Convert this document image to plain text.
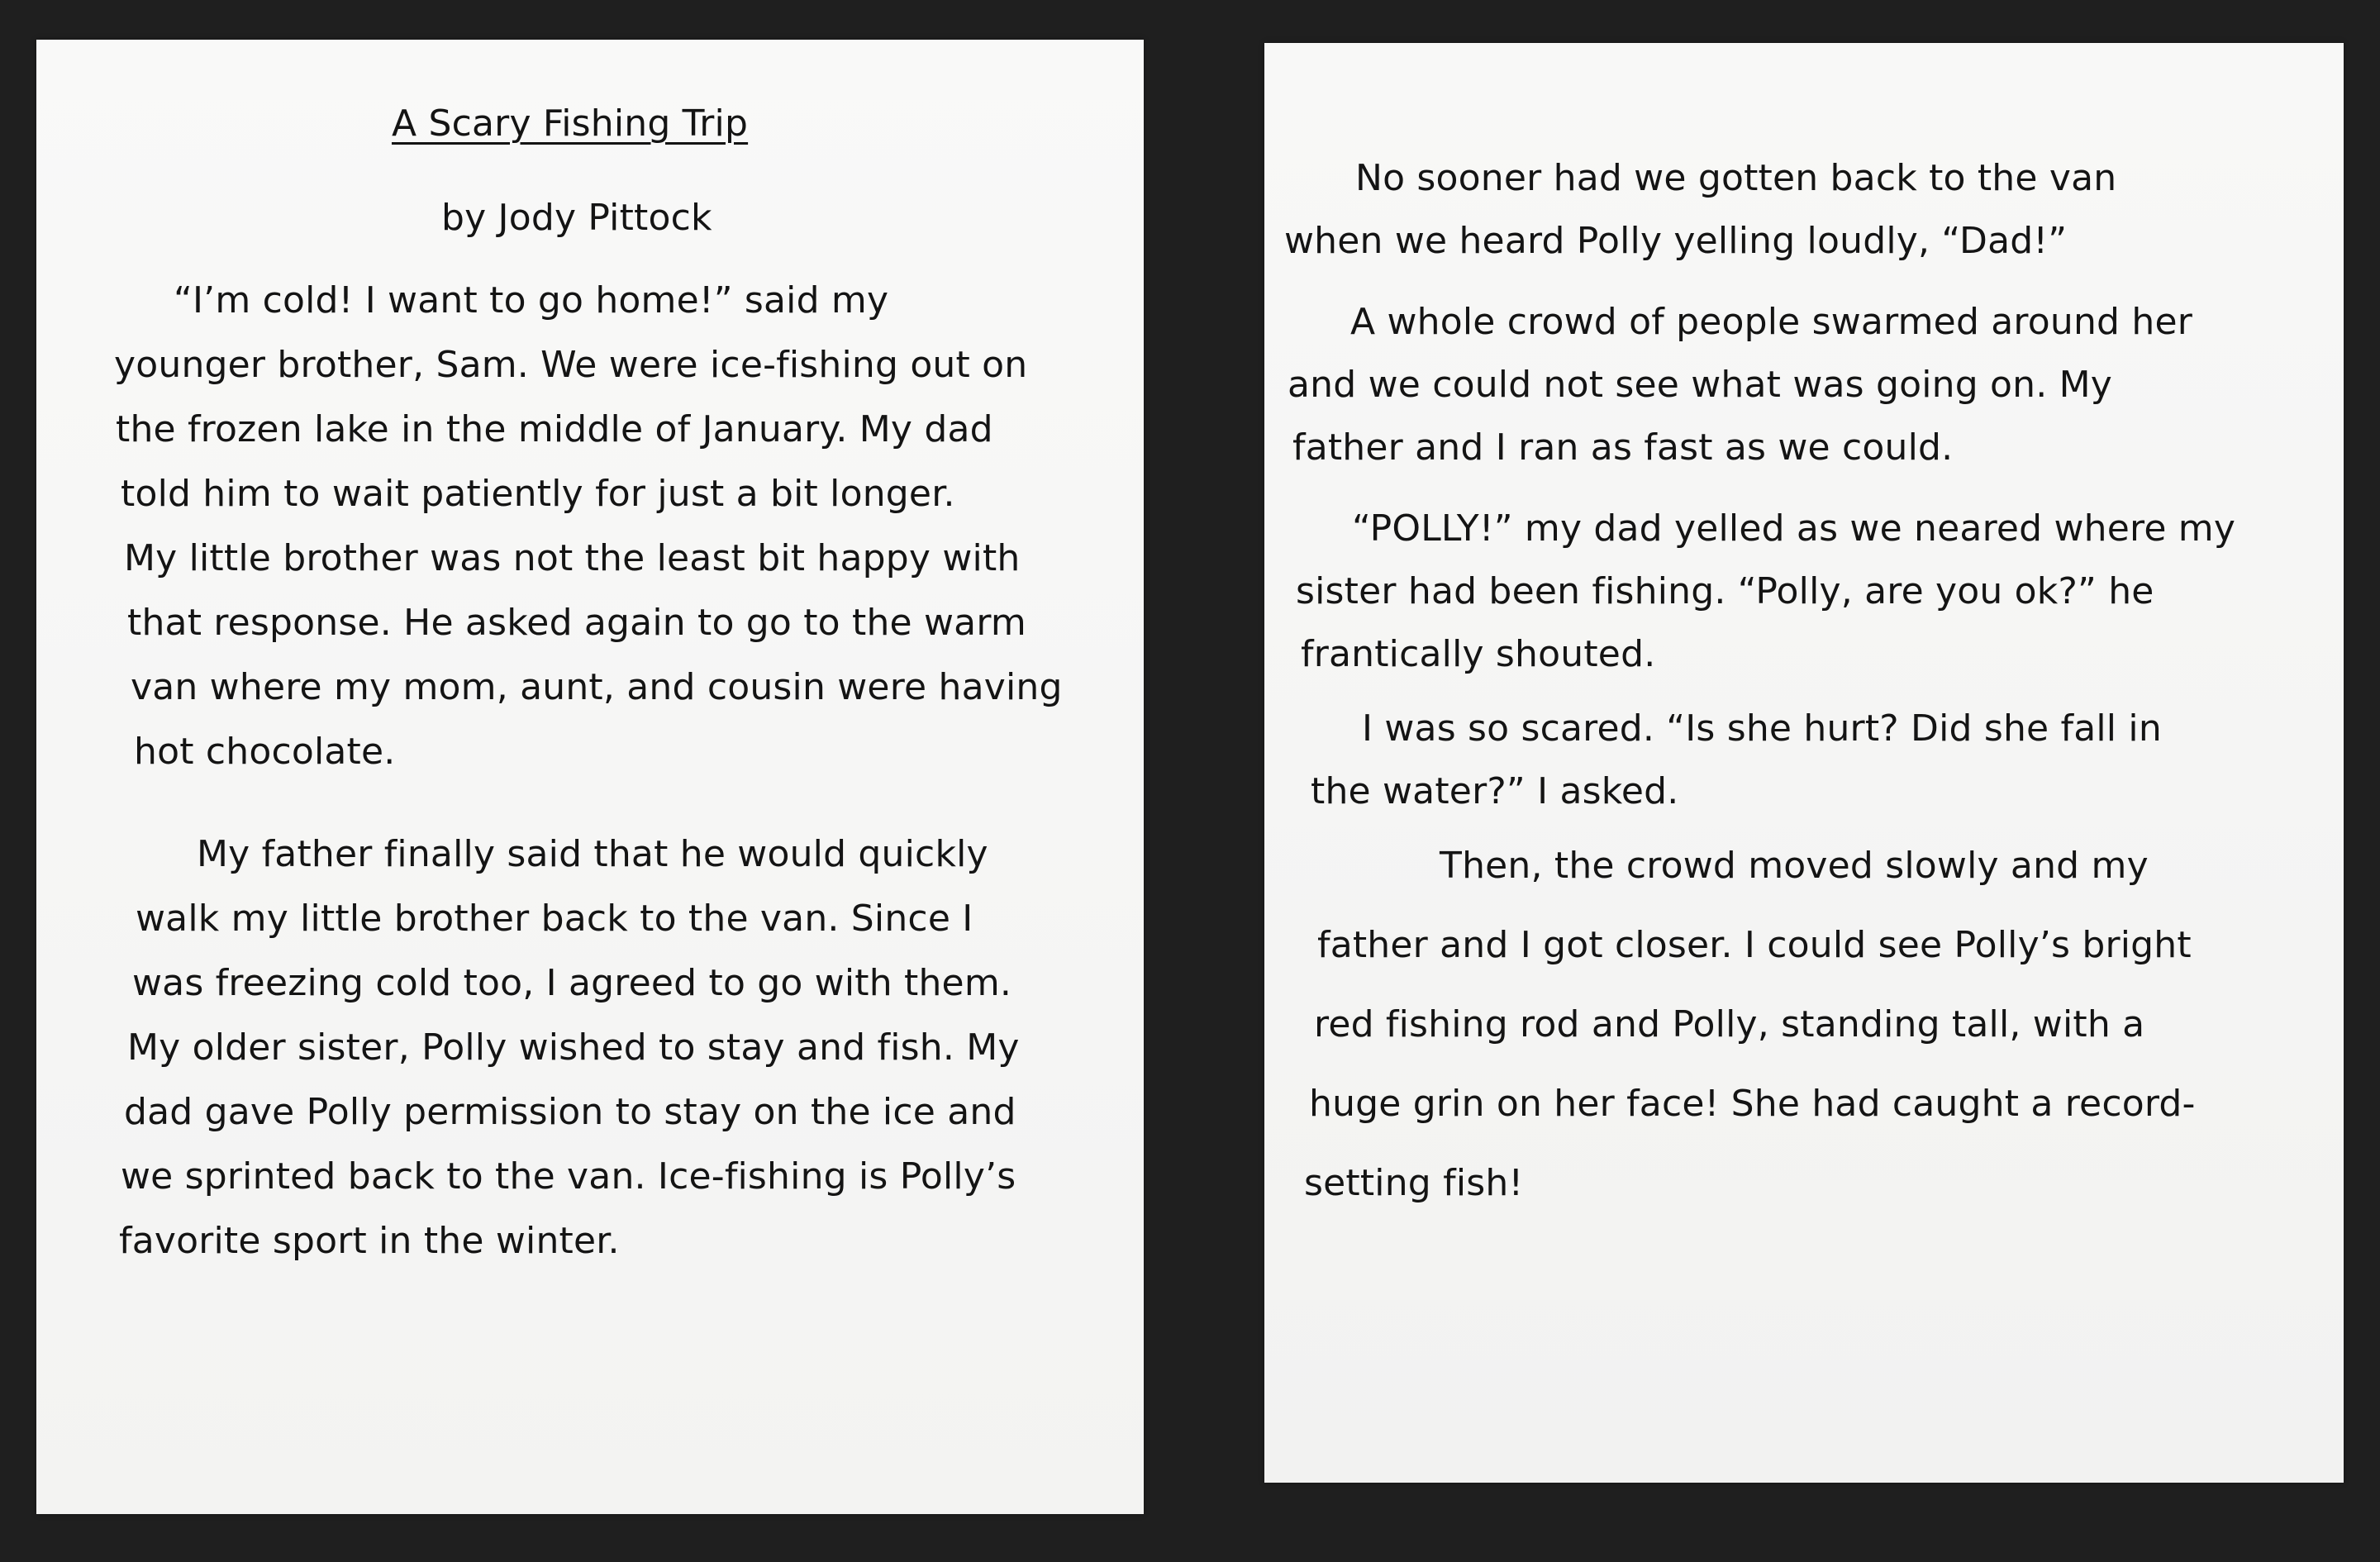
A Scary Fishing Trip
by Jody Pittock
“I’m cold! I want to go home!” said my
younger brother, Sam. We were ice-fishing out on
the frozen lake in the middle of January. My dad
told him to wait patiently for just a bit longer.
My little brother was not the least bit happy with
that response. He asked again to go to the warm
van where my mom, aunt, and cousin were having
hot chocolate.
My father finally said that he would quickly
walk my little brother back to the van. Since I
was freezing cold too, I agreed to go with them.
My older sister, Polly wished to stay and fish. My
dad gave Polly permission to stay on the ice and
we sprinted back to the van. Ice-fishing is Polly’s
favorite sport in the winter.
No sooner had we gotten back to the van
when we heard Polly yelling loudly, “Dad!”
A whole crowd of people swarmed around her
and we could not see what was going on. My
father and I ran as fast as we could.
“POLLY!” my dad yelled as we neared where my
sister had been fishing. “Polly, are you ok?” he
frantically shouted.
I was so scared. “Is she hurt? Did she fall in
the water?” I asked.
Then, the crowd moved slowly and my
father and I got closer. I could see Polly’s bright
red fishing rod and Polly, standing tall, with a
huge grin on her face! She had caught a record-
setting fish!
